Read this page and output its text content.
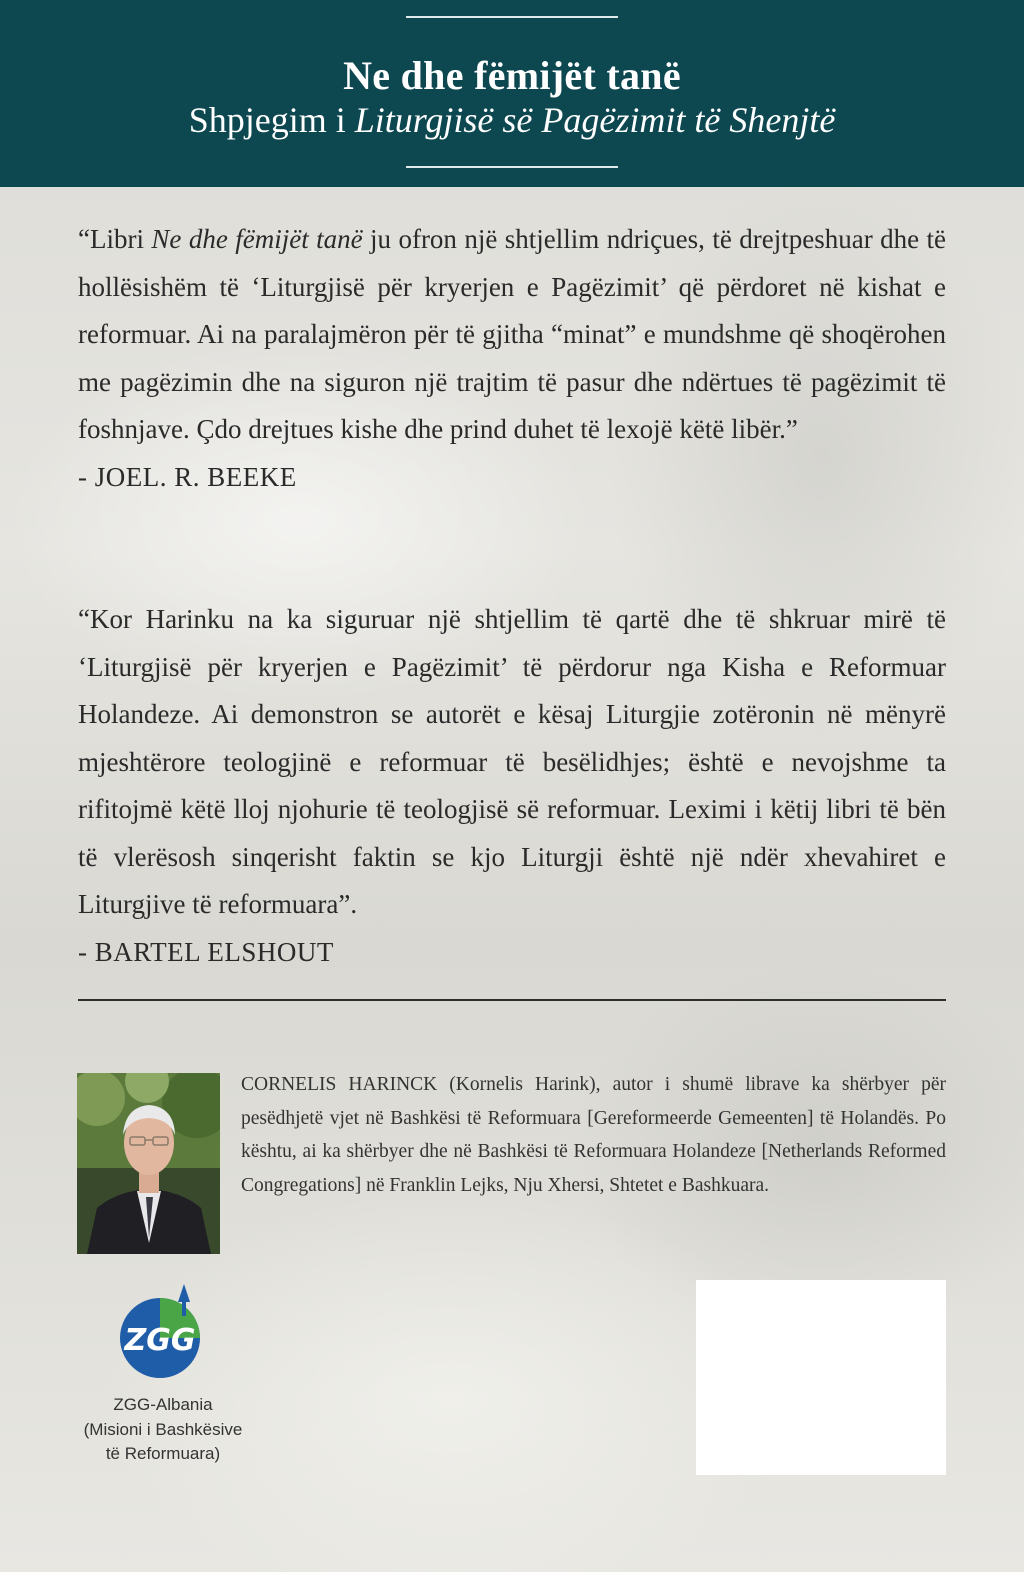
Ne dhe fëmijët tanë
Shpjegim i Liturgjisë së Pagëzimit të Shenjtë
“Libri Ne dhe fëmijët tanë ju ofron një shtjellim ndriçues, të drejtpeshuar dhe të hollësishëm të ‘Liturgjisë për kryerjen e Pagëzimit’ që përdoret në kishat e reformuar. Ai na paralajmëron për të gjitha “minat” e mundshme që shoqërohen me pagëzimin dhe na siguron një trajtim të pasur dhe ndërtues të pagëzimit të foshnjave. Çdo drejtues kishe dhe prind duhet të lexojë këtë libër.”
- JOEL. R. BEEKE
“Kor Harinku na ka siguruar një shtjellim të qartë dhe të shkruar mirë të ‘Liturgjisë për kryerjen e Pagëzimit’ të përdorur nga Kisha e Reformuar Holandeze. Ai demonstron se autorët e kësaj Liturgjie zotëronin në mënyrë mjeshtërore teologjinë e reformuar të besëlidhjes; është e nevojshme ta rifitojmë këtë lloj njohurie të teologjisë së reformuar. Leximi i këtij libri të bën të vlerësosh sinqerisht faktin se kjo Liturgji është një ndër xhevahiret e Liturgjive të reformuara”.
- BARTEL ELSHOUT
CORNELIS HARINCK (Kornelis Harink), autor i shumë librave ka shërbyer për pesëdhjetë vjet në Bashkësi të Reformuara [Gereformeerde Gemeenten] të Holandës. Po kështu, ai ka shërbyer dhe në Bashkësi të Reformuara Holandeze [Netherlands Reformed Congregations] në Franklin Lejks, Nju Xhersi, Shtetet e Bashkuara.
ZGG
ZGG-Albania
(Misioni i Bashkësive
të Reformuara)
